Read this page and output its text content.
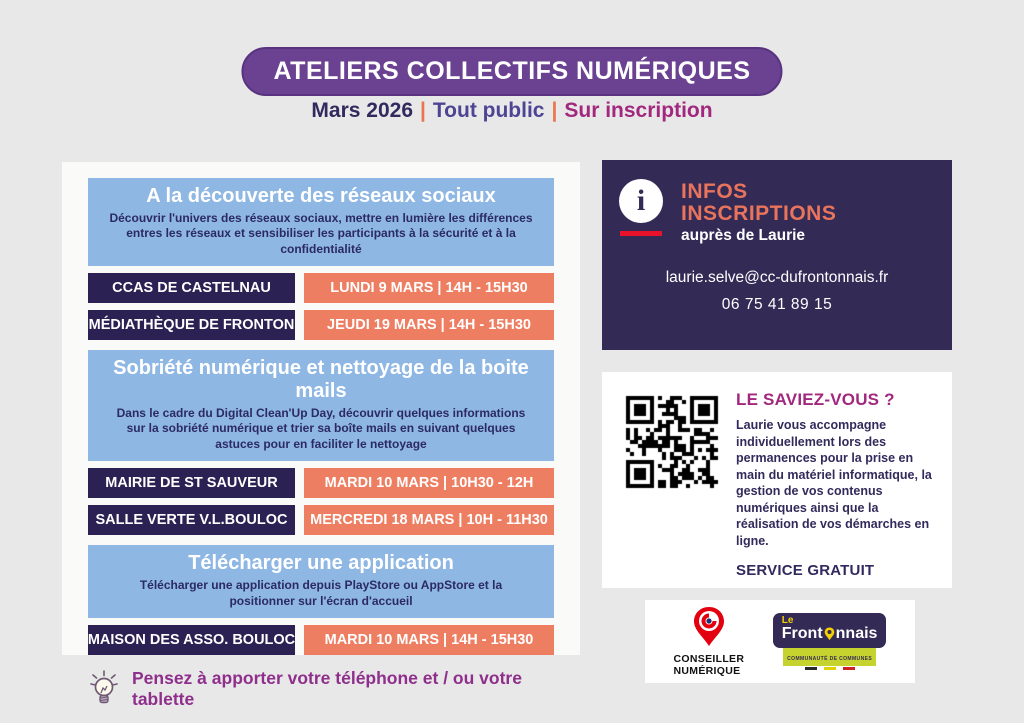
ATELIERS COLLECTIFS NUMÉRIQUES
Mars 2026 | Tout public | Sur inscription
A la découverte des réseaux sociaux

Découvrir l'univers des réseaux sociaux, mettre en lumière les différences entres les réseaux et sensibiliser les participants à la sécurité et à la confidentialité

CCAS DE CASTELNAU	LUNDI 9 MARS | 14H - 15H30
MÉDIATHÈQUE DE FRONTON	JEUDI 19 MARS | 14H - 15H30
Sobriété numérique et nettoyage de la boite mails

Dans le cadre du Digital Clean'Up Day, découvrir quelques informations sur la sobriété numérique et trier sa boîte mails en suivant quelques astuces pour en faciliter le nettoyage

MAIRIE DE ST SAUVEUR	MARDI 10 MARS | 10H30 - 12H
SALLE VERTE V.L.BOULOC	MERCREDI 18 MARS | 10H - 11H30
Télécharger une application

Télécharger une application depuis PlayStore ou AppStore et la positionner sur l'écran d'accueil

MAISON DES ASSO. BOULOC	MARDI 10 MARS | 14H - 15H30
Pensez à apporter votre téléphone et / ou votre tablette
i	INFOS
INSCRIPTIONS
auprès de Laurie
laurie.selve@cc-dufrontonnais.fr
06 75 41 89 15
LE SAVIEZ-VOUS ?

Laurie vous accompagne individuellement lors des permanences pour la prise en main du matériel informatique, la gestion de vos contenus numériques ainsi que la réalisation de vos démarches en ligne.

SERVICE GRATUIT
CONSEILLER
NUMÉRIQUE
Le
Front nnais
COMMUNAUTÉ DE COMMUNES
